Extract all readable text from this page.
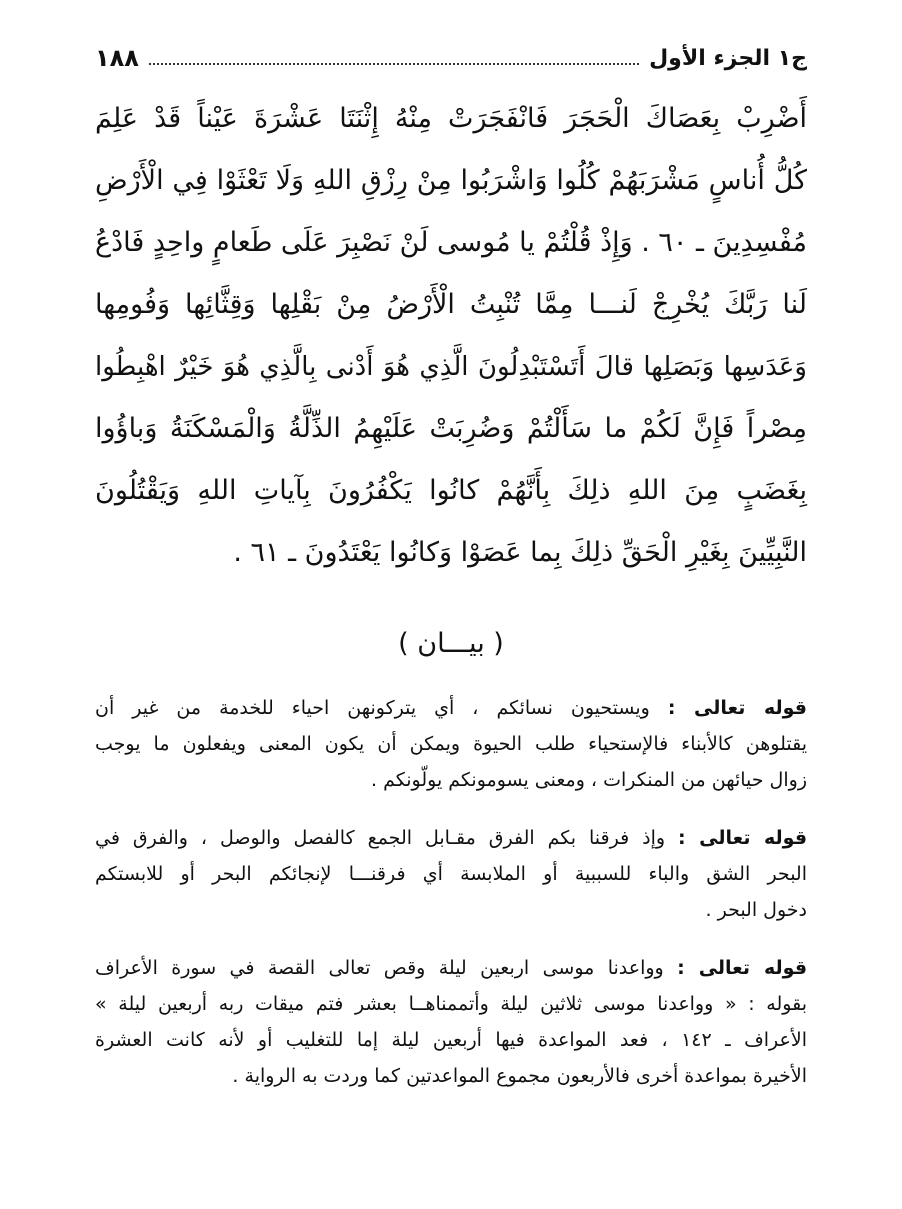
١٨٨	ج١ الجزء الأول
أَضْرِبْ بِعَصَاكَ الْحَجَرَ فَانْفَجَرَتْ مِنْهُ إِثْنَتَا عَشْرَةَ عَيْناً قَدْ عَلِمَ
كُلُّ أُناسٍ مَشْرَبَهُمْ كُلُوا وَاشْرَبُوا مِنْ رِزْقِ اللهِ وَلَا تَعْثَوْا فِي الْأَرْضِ
مُفْسِدِينَ ـ ٦٠ . وَإِذْ قُلْتُمْ يا مُوسى لَنْ نَصْبِرَ عَلَى طَعامٍ واحِدٍ فَادْعُ
لَنا رَبَّكَ يُخْرِجْ لَنـــا مِمَّا تُنْبِتُ الْأَرْضُ مِنْ بَقْلِها وَقِثَّائِها وَفُومِها
وَعَدَسِها وَبَصَلِها قالَ أَتَسْتَبْدِلُونَ الَّذِي هُوَ أَدْنى بِالَّذِي هُوَ خَيْرٌ اهْبِطُوا
مِصْراً فَإِنَّ لَكُمْ ما سَأَلْتُمْ وَضُرِبَتْ عَلَيْهِمُ الذِّلَّةُ وَالْمَسْكَنَةُ وَباؤُوا
بِغَضَبٍ مِنَ اللهِ ذلِكَ بِأَنَّهُمْ كانُوا يَكْفُرُونَ بِآياتِ اللهِ وَيَقْتُلُونَ
النَّبِيِّينَ بِغَيْرِ الْحَقِّ ذلِكَ بِما عَصَوْا وَكانُوا يَعْتَدُونَ ـ ٦١ .
( بيـــان )
قوله تعالى : ويستحيون نسائكم ، أي يتركونهن احياء للخدمة من غير أن
يقتلوهن كالأبناء فالإستحياء طلب الحيوة ويمكن أن يكون المعنى ويفعلون ما يوجب
زوال حيائهن من المنكرات ، ومعنى يسومونكم يولّونكم .
قوله تعالى : وإذ فرقنا بكم الفرق مقـابل الجمع كالفصل والوصل ، والفرق في
البحر الشق والباء للسببية أو الملابسة أي فرقنـــا لإنجائكم البحر أو للابستكم
دخول البحر .
قوله تعالى : وواعدنا موسى اربعين ليلة وقص تعالى القصة في سورة الأعراف
بقوله : « وواعدنا موسى ثلاثين ليلة وأتممناهــا بعشر فتم ميقات ربه أربعين ليلة »
الأعراف ـ ١٤٢ ، فعد المواعدة فيها أربعين ليلة إما للتغليب أو لأنه كانت العشرة
الأخيرة بمواعدة أخرى فالأربعون مجموع المواعدتين كما وردت به الرواية .
